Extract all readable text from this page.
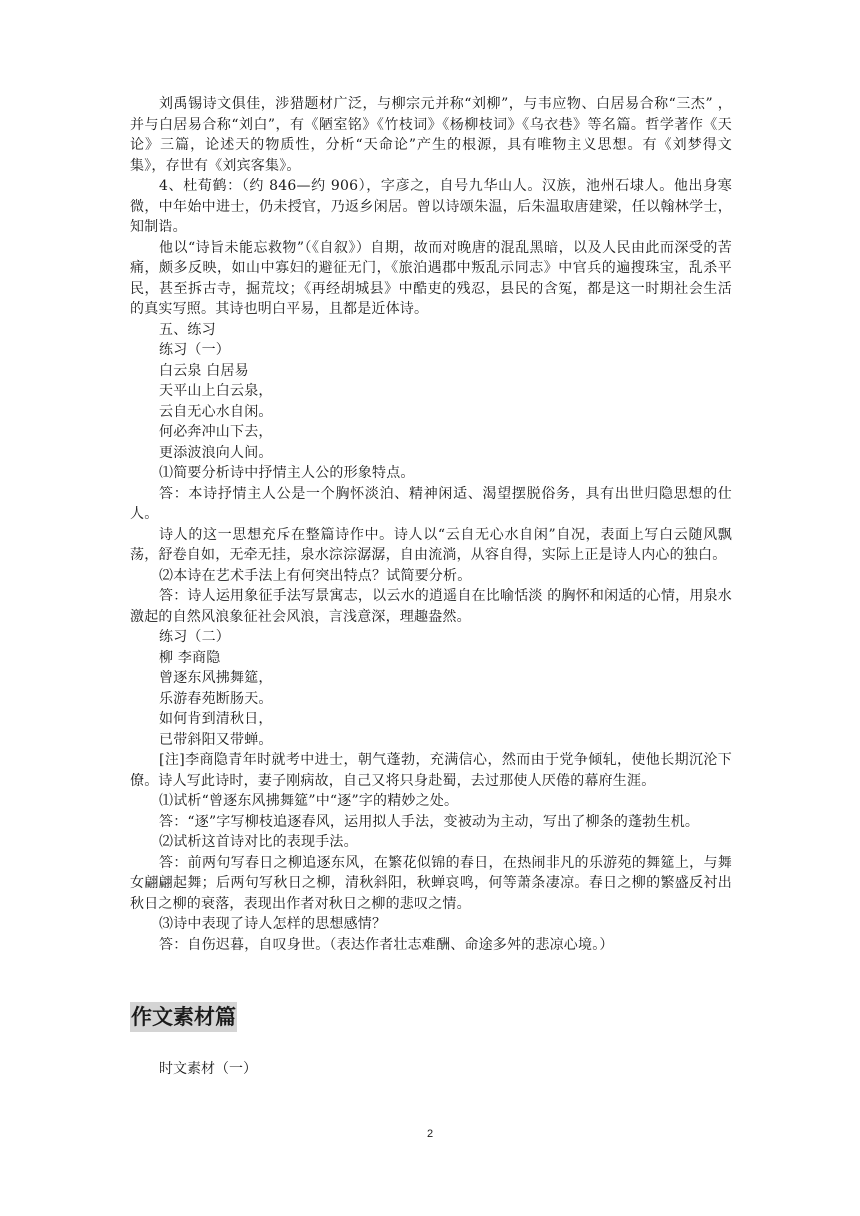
刘禹锡诗文俱佳，涉猎题材广泛，与柳宗元并称“刘柳”，与韦应物、白居易合称“三杰” ，并与白居易合称“刘白”，有《陋室铭》《竹枝词》《杨柳枝词》《乌衣巷》等名篇。哲学著作《天论》三篇，论述天的物质性，分析“天命论”产生的根源，具有唯物主义思想。有《刘梦得文集》，存世有《刘宾客集》。

4、杜荀鹤：（约 846—约 906），字彦之，自号九华山人。汉族，池州石埭人。他出身寒微，中年始中进士，仍未授官，乃返乡闲居。曾以诗颂朱温，后朱温取唐建梁，任以翰林学士，知制诰。

他以“诗旨未能忘救物”（《自叙》）自期，故而对晚唐的混乱黑暗，以及人民由此而深受的苦痛，颇多反映，如山中寡妇的避征无门，《旅泊遇郡中叛乱示同志》中官兵的遍搜珠宝，乱杀平民，甚至拆古寺，掘荒坟；《再经胡城县》中酷吏的残忍，县民的含冤，都是这一时期社会生活的真实写照。其诗也明白平易，且都是近体诗。

五、练习

练习（一）

白云泉 白居易

天平山上白云泉，

云自无心水自闲。

何必奔冲山下去，

更添波浪向人间。

⑴简要分析诗中抒情主人公的形象特点。

答：本诗抒情主人公是一个胸怀淡泊、精神闲适、渴望摆脱俗务，具有出世归隐思想的仕人。

诗人的这一思想充斥在整篇诗作中。诗人以“云自无心水自闲”自况，表面上写白云随风飘荡，舒卷自如，无牵无挂，泉水淙淙潺潺，自由流淌，从容自得，实际上正是诗人内心的独白。

⑵本诗在艺术手法上有何突出特点？试简要分析。

答：诗人运用象征手法写景寓志，以云水的逍遥自在比喻恬淡 的胸怀和闲适的心情，用泉水激起的自然风浪象征社会风浪，言浅意深，理趣盎然。

练习（二）

柳 李商隐

曾逐东风拂舞筵，

乐游春苑断肠天。

如何肯到清秋日，

已带斜阳又带蝉。

[注]李商隐青年时就考中进士，朝气蓬勃，充满信心，然而由于党争倾轧，使他长期沉沦下僚。诗人写此诗时，妻子刚病故，自己又将只身赴蜀，去过那使人厌倦的幕府生涯。

⑴试析“曾逐东风拂舞筵”中“逐”字的精妙之处。

答：“逐”字写柳枝追逐春风，运用拟人手法，变被动为主动，写出了柳条的蓬勃生机。

⑵试析这首诗对比的表现手法。

答：前两句写春日之柳追逐东风，在繁花似锦的春日，在热闹非凡的乐游苑的舞筵上，与舞女翩翩起舞；后两句写秋日之柳，清秋斜阳，秋蝉哀鸣，何等萧条凄凉。春日之柳的繁盛反衬出秋日之柳的衰落，表现出作者对秋日之柳的悲叹之情。

⑶诗中表现了诗人怎样的思想感情？

答：自伤迟暮，自叹身世。（表达作者壮志难酬、命途多舛的悲凉心境。）

作文素材篇
时文素材（一）
2
